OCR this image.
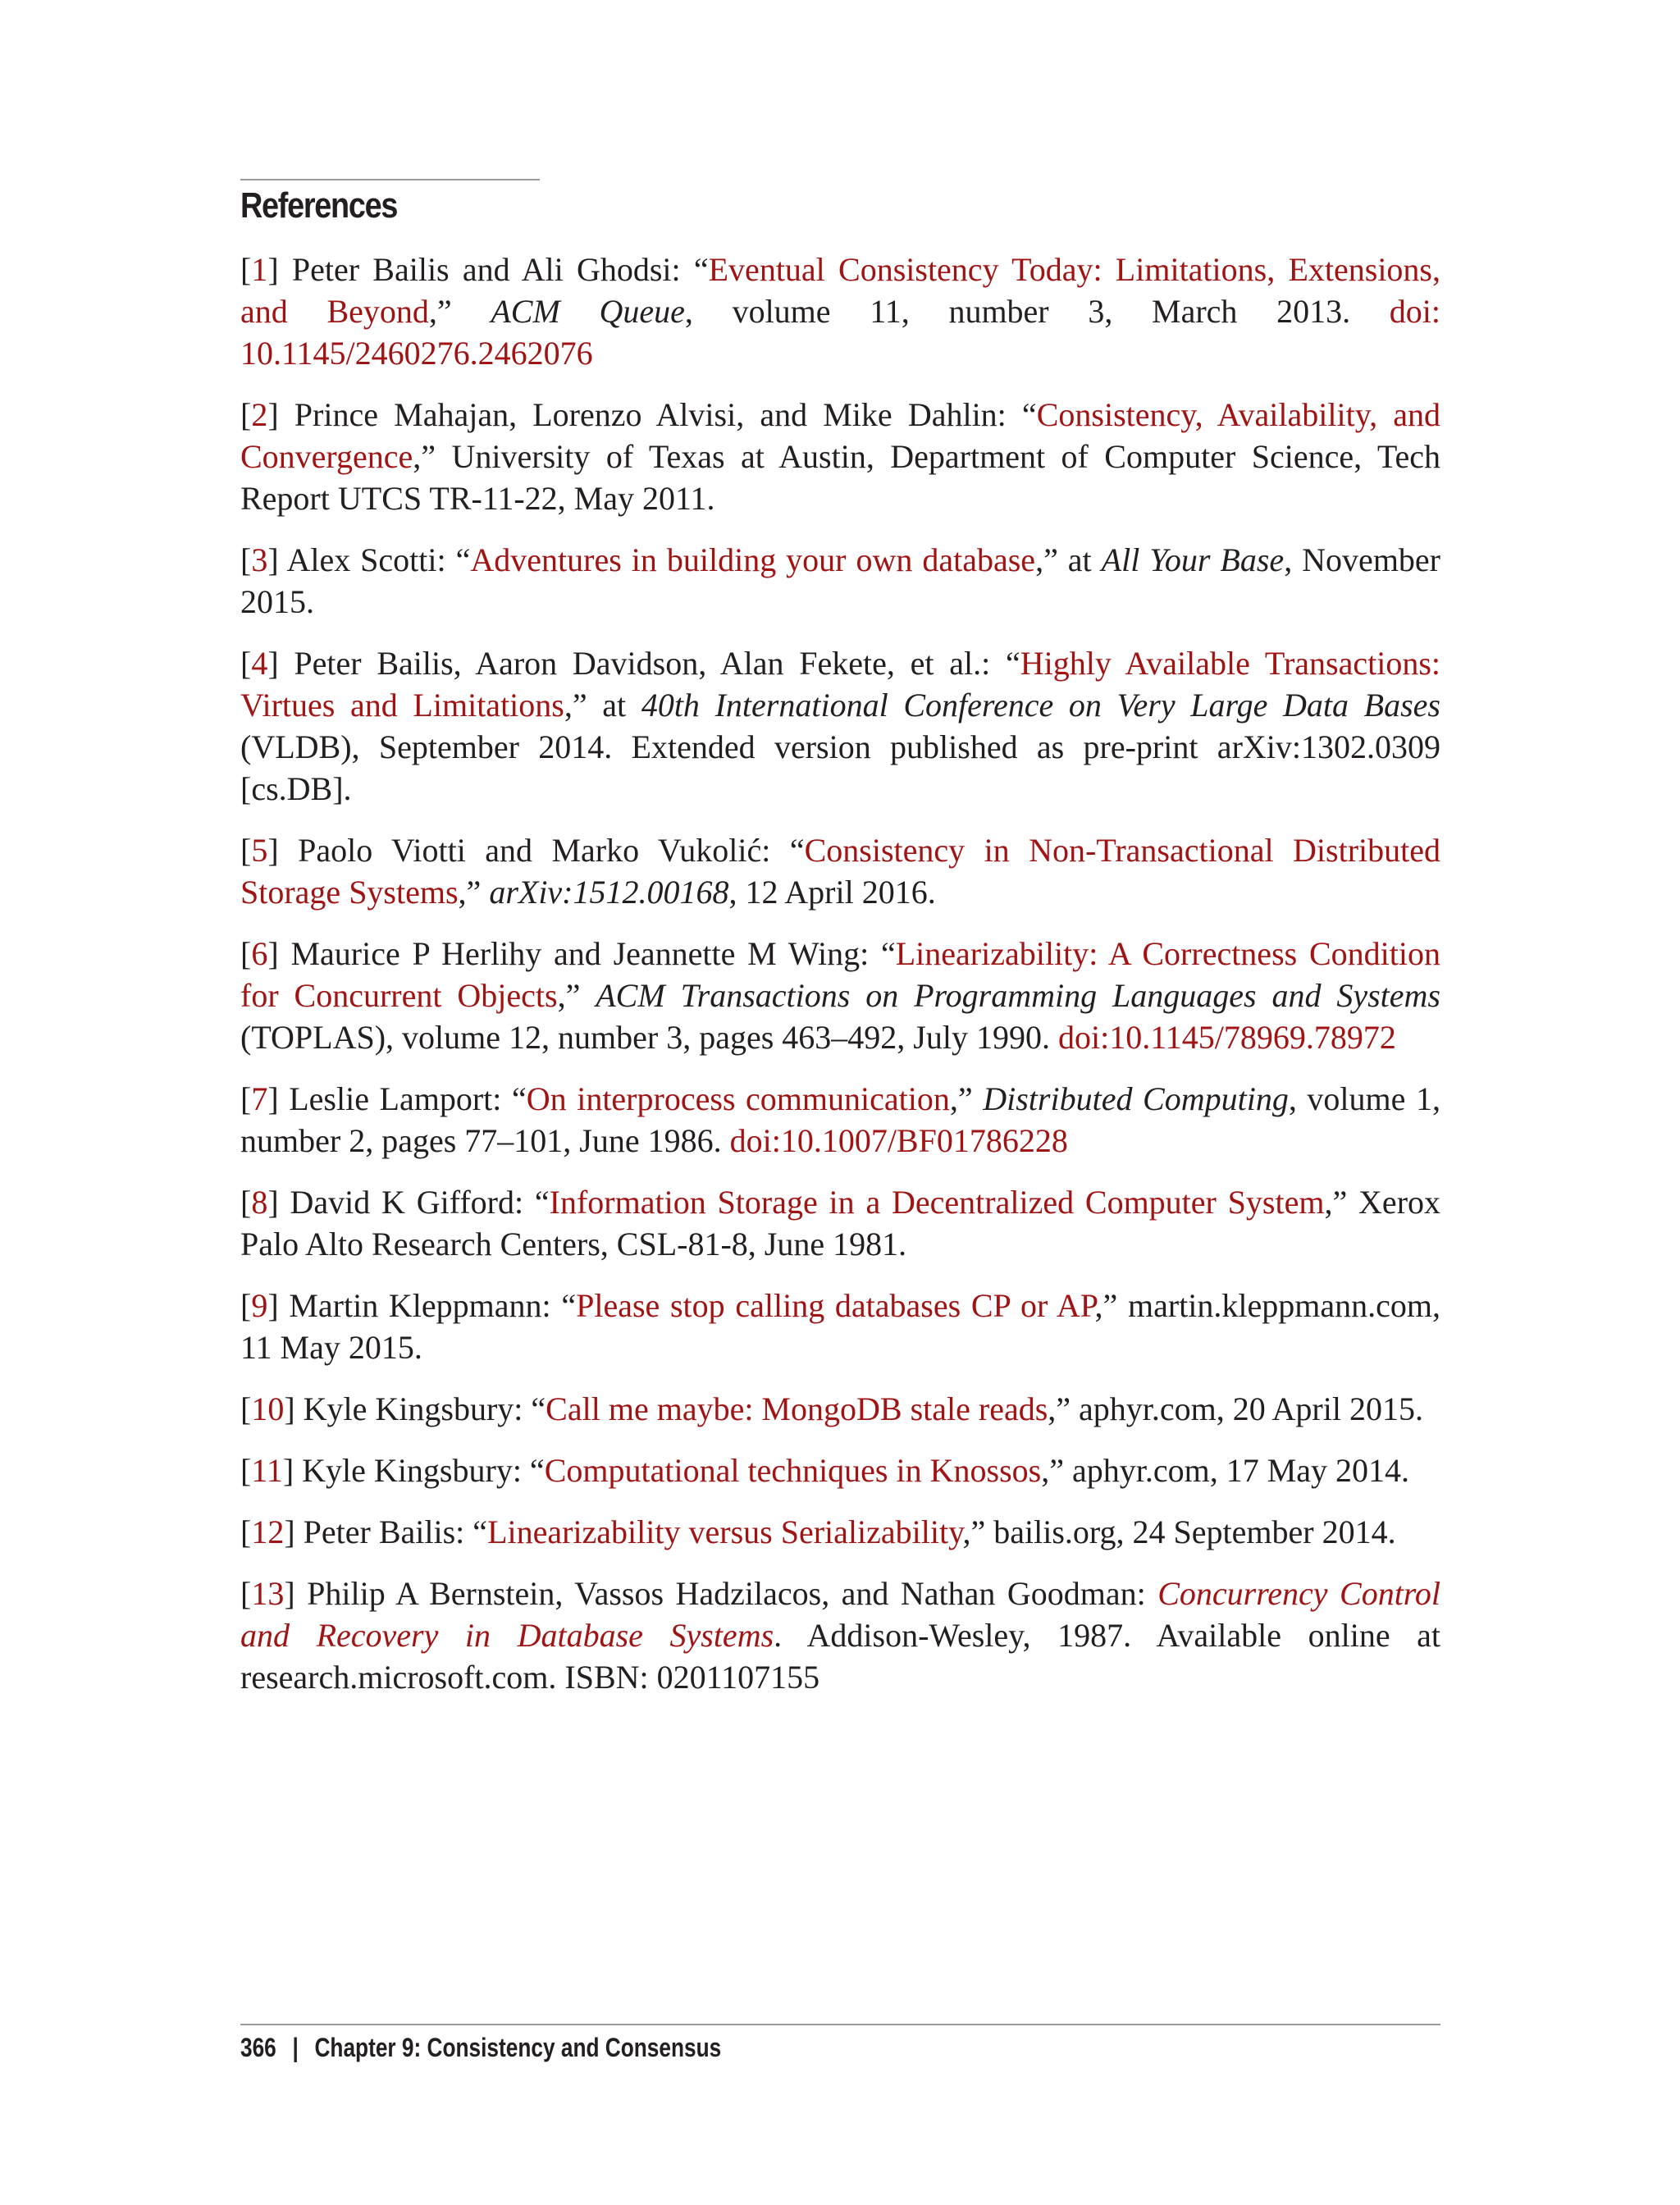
References

[1] Peter Bailis and Ali Ghodsi: “Eventual Consistency Today: Limitations, Extensions, and Beyond,” ACM Queue, volume 11, number 3, March 2013. doi:​10.1145/2460276.2462076

[2] Prince Mahajan, Lorenzo Alvisi, and Mike Dahlin: “Consistency, Availability, and Convergence,” University of Texas at Austin, Department of Computer Science, Tech Report UTCS TR-11-22, May 2011.

[3] Alex Scotti: “Adventures in building your own database,” at All Your Base, November 2015.

[4] Peter Bailis, Aaron Davidson, Alan Fekete, et al.: “Highly Available Transactions: Virtues and Limitations,” at 40th International Conference on Very Large Data Bases (VLDB), September 2014. Extended version published as pre-print arXiv:1302.0309 [cs.DB].

[5] Paolo Viotti and Marko Vukolić: “Consistency in Non-Transactional Distributed Storage Systems,” arXiv:1512.00168, 12 April 2016.

[6] Maurice P Herlihy and Jeannette M Wing: “Linearizability: A Correctness Condition for Concurrent Objects,” ACM Transactions on Programming Languages and Systems (TOPLAS), volume 12, number 3, pages 463–492, July 1990. doi:​10.1145/78969.78972

[7] Leslie Lamport: “On interprocess communication,” Distributed Computing, volume 1, number 2, pages 77–101, June 1986. doi:10.1007/BF01786228

[8] David K Gifford: “Information Storage in a Decentralized Computer System,” Xerox Palo Alto Research Centers, CSL-81-8, June 1981.

[9] Martin Kleppmann: “Please stop calling databases CP or AP,” martin.kleppmann.com, 11 May 2015.

[10] Kyle Kingsbury: “Call me maybe: MongoDB stale reads,” aphyr.com, 20 April 2015.

[11] Kyle Kingsbury: “Computational techniques in Knossos,” aphyr.com, 17 May 2014.

[12] Peter Bailis: “Linearizability versus Serializability,” bailis.org, 24 September 2014.

[13] Philip A Bernstein, Vassos Hadzilacos, and Nathan Goodman: Concurrency Control and Recovery in Database Systems. Addison-Wesley, 1987. Available online at research.microsoft.com. ISBN: 0201107155

366 | Chapter 9: Consistency and Consensus
